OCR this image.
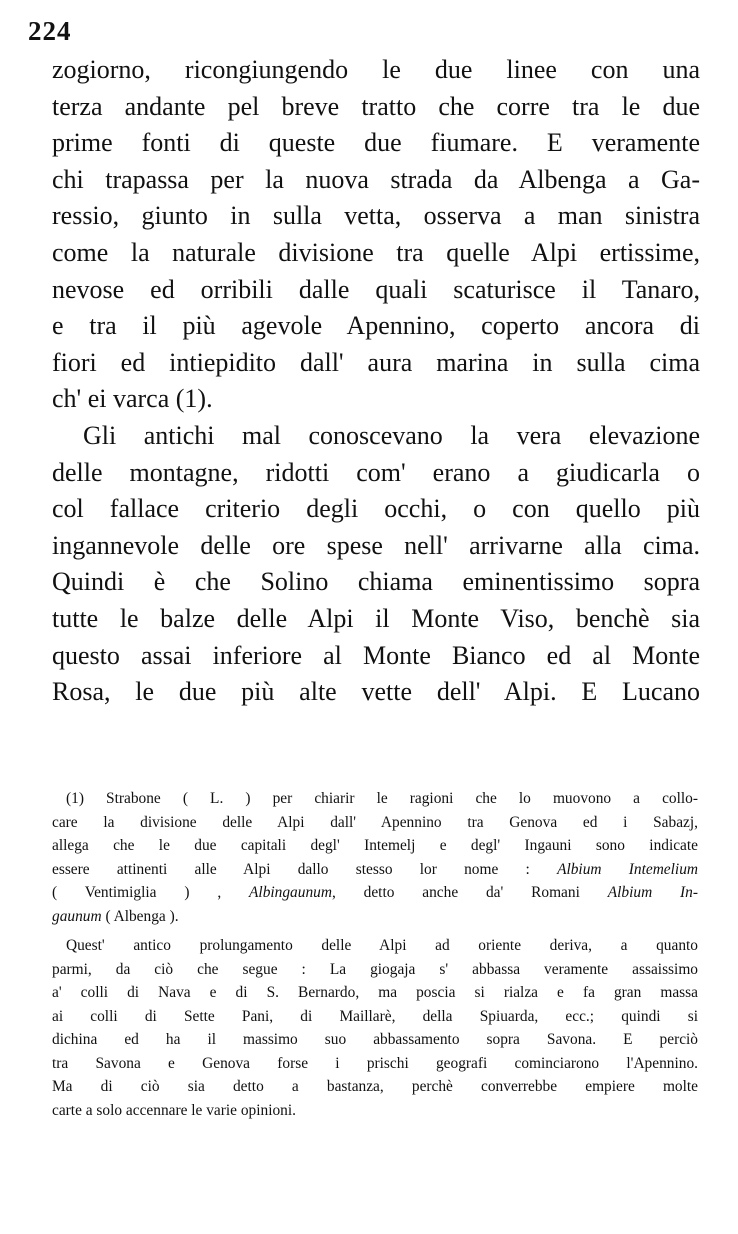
224
zogiorno, ricongiungendo le due linee con una
terza andante pel breve tratto che corre tra le due
prime fonti di queste due fiumare. E veramente
chi trapassa per la nuova strada da Albenga a Ga-
ressio, giunto in sulla vetta, osserva a man sinistra
come la naturale divisione tra quelle Alpi ertissime,
nevose ed orribili dalle quali scaturisce il Tanaro,
e tra il più agevole Apennino, coperto ancora di
fiori ed intiepidito dall' aura marina in sulla cima
ch' ei varca (1).
Gli antichi mal conoscevano la vera elevazione
delle montagne, ridotti com' erano a giudicarla o
col fallace criterio degli occhi, o con quello più
ingannevole delle ore spese nell' arrivarne alla cima.
Quindi è che Solino chiama eminentissimo sopra
tutte le balze delle Alpi il Monte Viso, benchè sia
questo assai inferiore al Monte Bianco ed al Monte
Rosa, le due più alte vette dell' Alpi. E Lucano
(1) Strabone ( L. ) per chiarir le ragioni che lo muovono a collo-
care la divisione delle Alpi dall' Apennino tra Genova ed i Sabazj,
allega che le due capitali degl' Intemelj e degl' Ingauni sono indicate
essere attinenti alle Alpi dallo stesso lor nome : Albium Intemelium
( Ventimiglia ) , Albingaunum, detto anche da' Romani Albium In-
gaunum ( Albenga ).
Quest' antico prolungamento delle Alpi ad oriente deriva, a quanto
parmi, da ciò che segue : La giogaja s' abbassa veramente assaissimo
a' colli di Nava e di S. Bernardo, ma poscia si rialza e fa gran massa
ai colli di Sette Pani, di Maillarè, della Spiuarda, ecc.; quindi si
dichina ed ha il massimo suo abbassamento sopra Savona. E perciò
tra Savona e Genova forse i prischi geografi cominciarono l'Apennino.
Ma di ciò sia detto a bastanza, perchè converrebbe empiere molte
carte a solo accennare le varie opinioni.
